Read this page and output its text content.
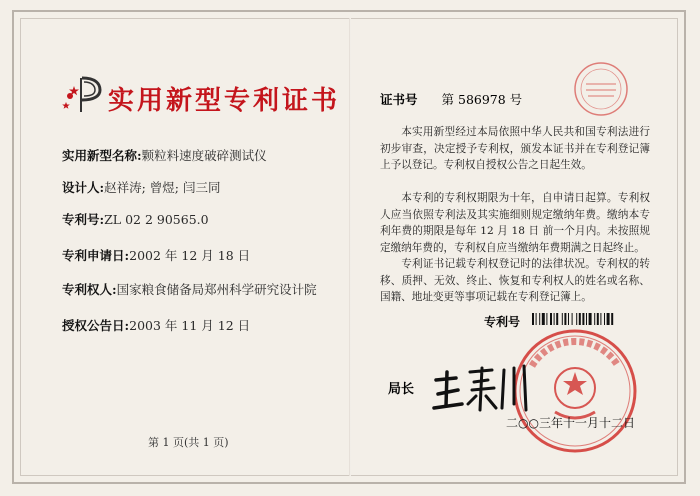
实用新型专利证书
实用新型名称:颗粒料速度破碎测试仪
设计人:赵祥涛; 曾煜; 闫三同
专利号:ZL 02 2 90565.0
专利申请日:2002 年 12 月 18 日
专利权人:国家粮食储备局郑州科学研究设计院
授权公告日:2003 年 11 月 12 日
第 1 页(共 1 页)
证书号 第 586978 号
本实用新型经过本局依照中华人民共和国专利法进行初步审查，决定授予专利权，颁发本证书并在专利登记簿上予以登记。专利权自授权公告之日起生效。
本专利的专利权期限为十年，自申请日起算。专利权人应当依照专利法及其实施细则规定缴纳年费。缴纳本专利年费的期限是每年 12 月 18 日 前一个月内。未按照规定缴纳年费的，专利权自应当缴纳年费期满之日起终止。
专利证书记载专利权登记时的法律状况。专利权的转移、质押、无效、终止、恢复和专利权人的姓名或名称、国籍、地址变更等事项记载在专利登记簿上。
专利号
局长
二○○三年十一月十二日
